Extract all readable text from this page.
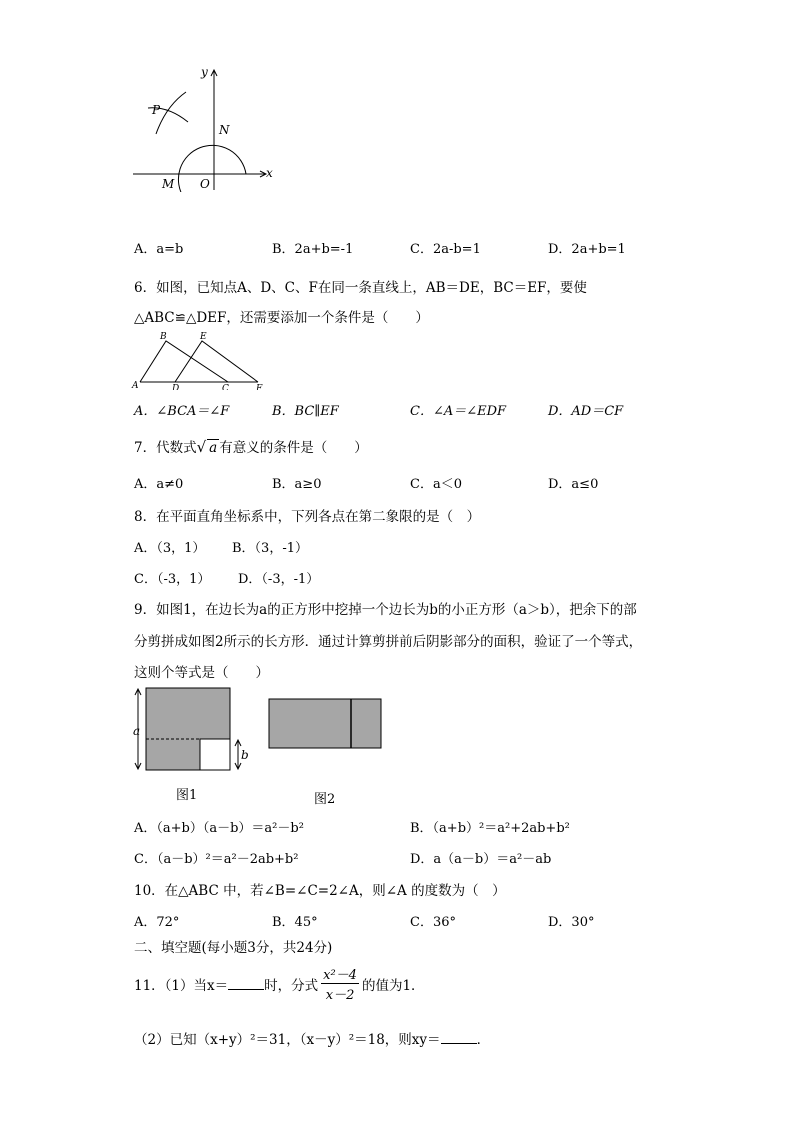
y
x
P
N
M O
A．a=b	B．2a+b=-1	C．2a-b=1	D．2a+b=1
6．如图，已知点A、D、C、F在同一条直线上，AB＝DE，BC＝EF，要使
△ABC≌△DEF，还需要添加一个条件是（　　）
B	E
A	D	C	F
A．∠BCA＝∠F	B．BC∥EF	C．∠A＝∠EDF	D．AD＝CF
7．代数式√ a 有意义的条件是（　　）
A．a≠0	B．a≥0	C．a＜0	D．a≤0
8．在平面直角坐标系中，下列各点在第二象限的是（　）
A．（3，1） B．（3，-1）
C．（-3，1） D．（-3，-1）
9．如图1，在边长为a的正方形中挖掉一个边长为b的小正方形（a＞b），把余下的部
分剪拼成如图2所示的长方形．通过计算剪拼前后阴影部分的面积，验证了一个等式，
这则个等式是（　　）
a
b
图1	图2
A．（a+b）（a－b）＝a²－b²	B．（a+b）²＝a²+2ab+b²
C．（a－b）²＝a²－2ab+b²	D．a（a－b）＝a²－ab
10．在△ABC 中，若∠B=∠C=2∠A，则∠A 的度数为（　）
A．72°	B．45°	C．36°	D．30°
二、填空题(每小题3分，共24分)
11．（1）当x＝	时，分式 $\frac{\text{x²－4}}{x-2}$ 的值为1．
（2）已知（x+y）²＝31，（x－y）²＝18，则xy＝	．
